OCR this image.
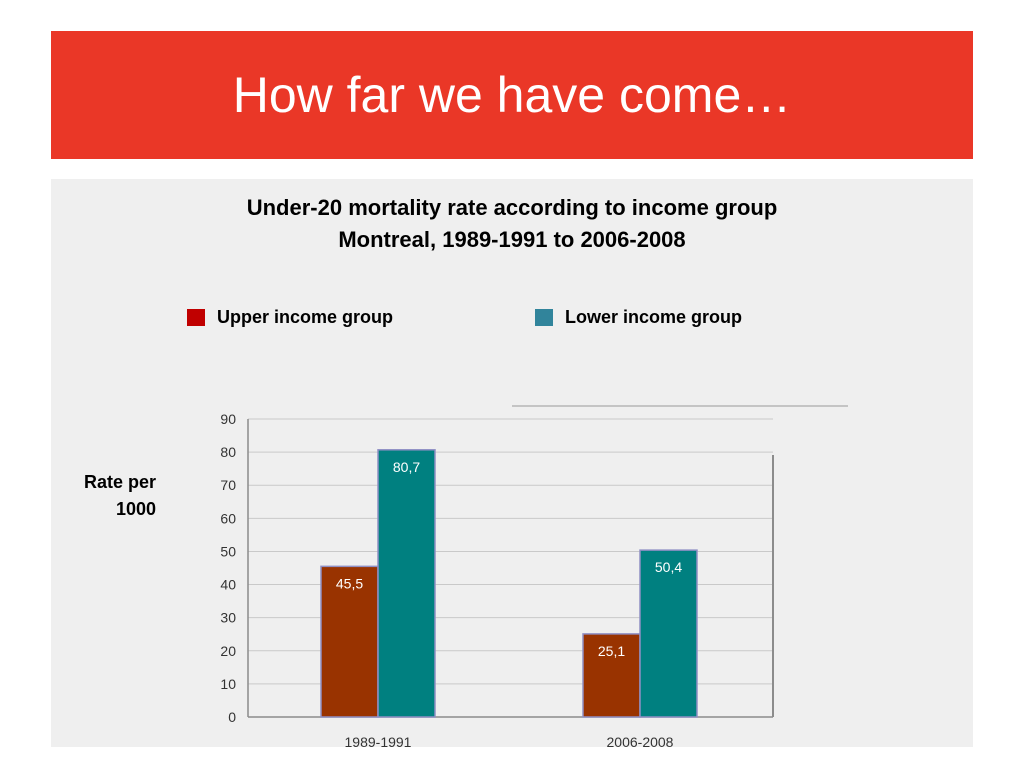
How far we have come…
Under-20 mortality rate according to income group
Montreal, 1989-1991 to 2006-2008
Upper income group	Lower income group
Rate per
1000
0
10
20
30
40
50
60
70
80
90
45,5
80,7
1989-1991
25,1
50,4
2006-2008
